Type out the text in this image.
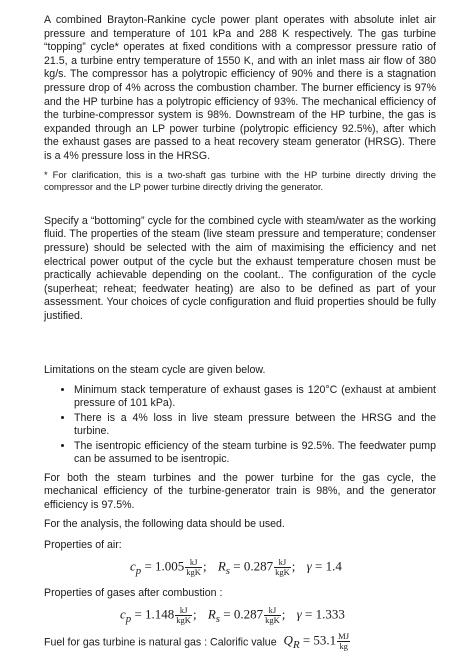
A combined Brayton-Rankine cycle power plant operates with absolute inlet air pressure and temperature of 101 kPa and 288 K respectively. The gas turbine “topping” cycle* operates at fixed conditions with a compressor pressure ratio of 21.5, a turbine entry temperature of 1550 K, and with an inlet mass air flow of 380 kg/s. The compressor has a polytropic efficiency of 90% and there is a stagnation pressure drop of 4% across the combustion chamber. The burner efficiency is 97% and the HP turbine has a polytropic efficiency of 93%. The mechanical efficiency of the turbine-compressor system is 98%. Downstream of the HP turbine, the gas is expanded through an LP power turbine (polytropic efficiency 92.5%), after which the exhaust gases are passed to a heat recovery steam generator (HRSG). There is a 4% pressure loss in the HRSG.

* For clarification, this is a two-shaft gas turbine with the HP turbine directly driving the compressor and the LP power turbine directly driving the generator.

Specify a “bottoming” cycle for the combined cycle with steam/water as the working fluid. The properties of the steam (live steam pressure and temperature; condenser pressure) should be selected with the aim of maximising the efficiency and net electrical power output of the cycle but the exhaust temperature chosen must be practically achievable depending on the coolant.. The configuration of the cycle (superheat; reheat; feedwater heating) are also to be defined as part of your assessment. Your choices of cycle configuration and fluid properties should be fully justified.

Limitations on the steam cycle are given below.

• Minimum stack temperature of exhaust gases is 120°C (exhaust at ambient pressure of 101 kPa).
• There is a 4% loss in live steam pressure between the HRSG and the turbine.
• The isentropic efficiency of the steam turbine is 92.5%. The feedwater pump can be assumed to be isentropic.

For both the steam turbines and the power turbine for the gas cycle, the mechanical efficiency of the turbine-generator train is 98%, and the generator efficiency is 97.5%.

For the analysis, the following data should be used.

Properties of air:

$c_p = 1.005 \frac{kJ}{\text{kgK}}$ ; $R_s = 0.287 \frac{kJ}{\text{kgK}}$ ; γ = 1.4

Properties of gases after combustion :

$c_p = 1.148 \frac{kJ}{\text{kgK}}$ ; $R_s = 0.287 \frac{kJ}{\text{kgK}}$ ; γ = 1.333

Fuel for gas turbine is natural gas : Calorific value $Q_R = 53.1 \frac{MJ}{kg}$
